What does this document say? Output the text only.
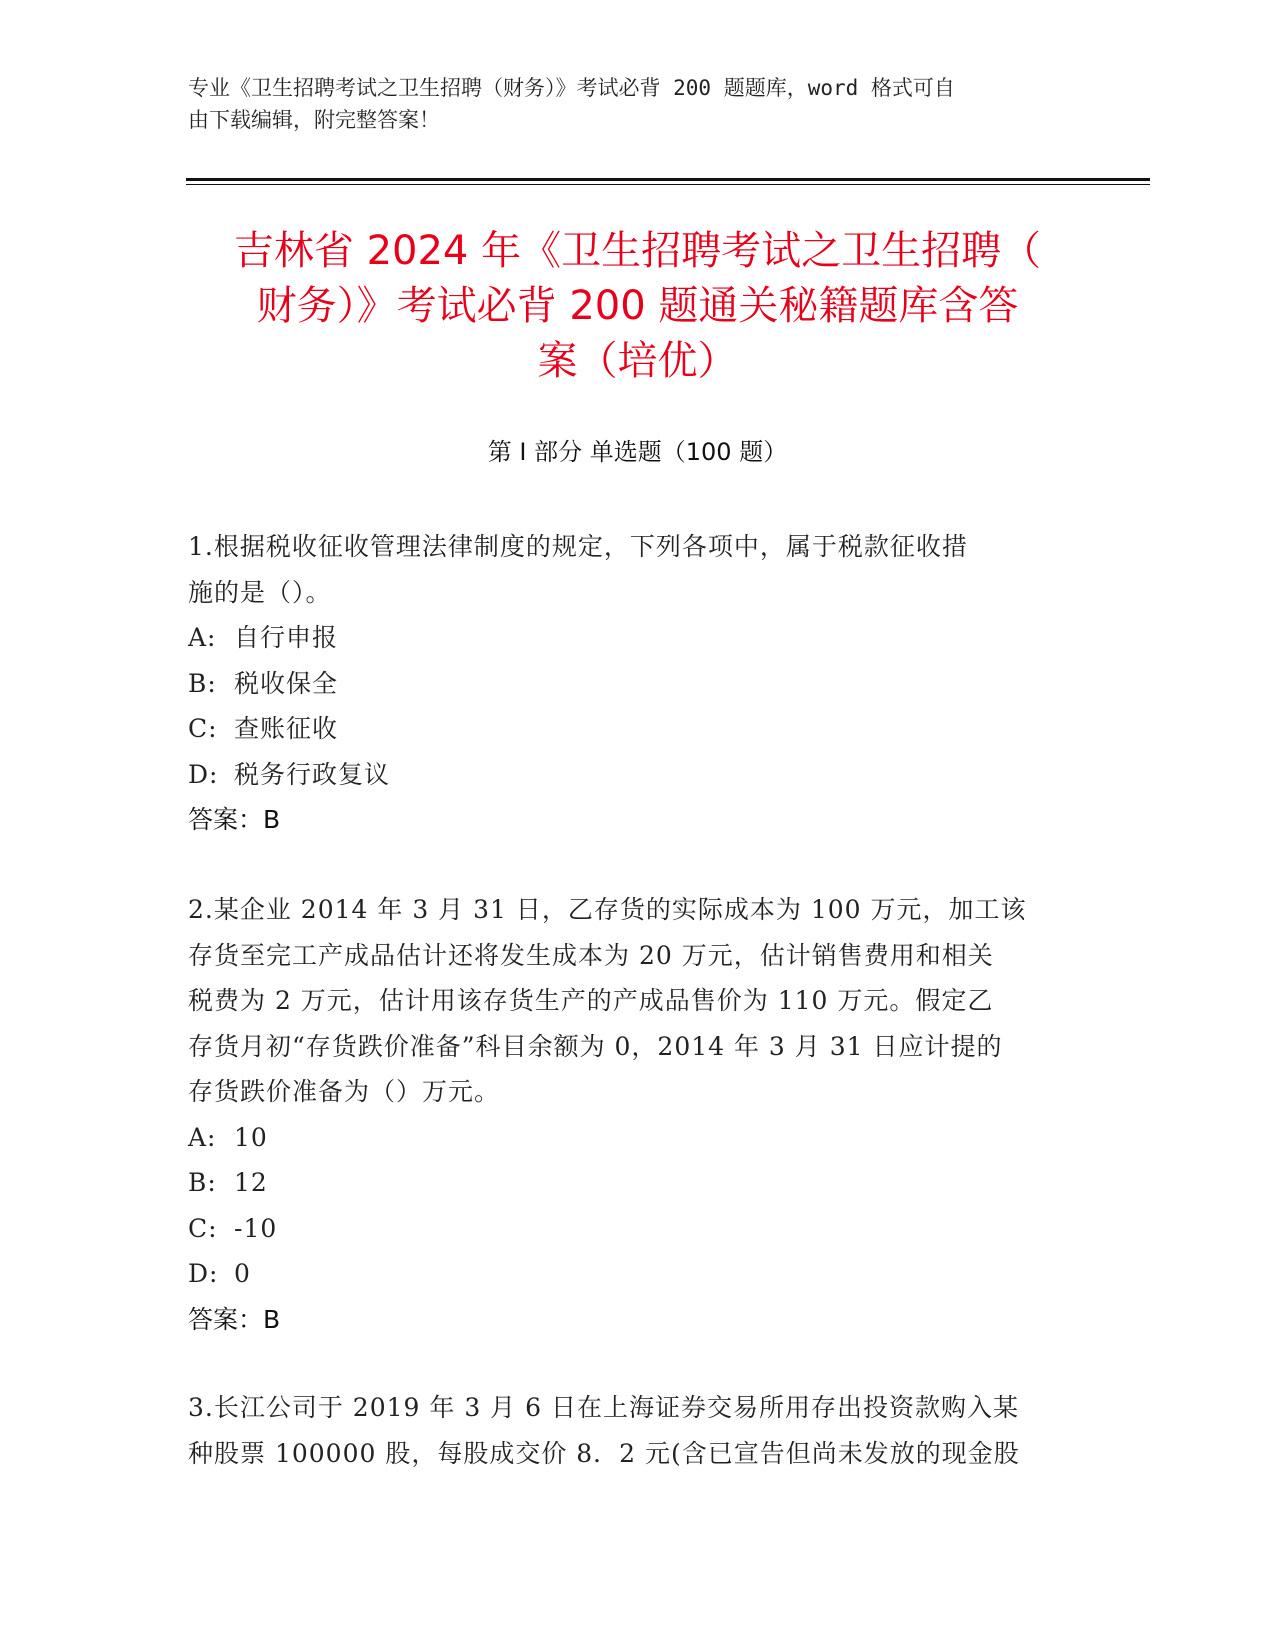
专业《卫生招聘考试之卫生招聘（财务）》考试必背 200 题题库，word 格式可自
由下载编辑，附完整答案！
吉林省 2024 年《卫生招聘考试之卫生招聘（
财务）》考试必背 200 题通关秘籍题库含答
案（培优）
第 I 部分 单选题（100 题）
1.根据税收征收管理法律制度的规定，下列各项中，属于税款征收措
施的是（）。
A: 自行申报
B: 税收保全
C: 查账征收
D: 税务行政复议
答案：B
2.某企业 2014 年 3 月 31 日，乙存货的实际成本为 100 万元，加工该
存货至完工产成品估计还将发生成本为 20 万元，估计销售费用和相关
税费为 2 万元，估计用该存货生产的产成品售价为 110 万元。假定乙
存货月初“存货跌价准备”科目余额为 0，2014 年 3 月 31 日应计提的
存货跌价准备为（）万元。
A: 10
B: 12
C: -10
D: 0
答案：B
3.长江公司于 2019 年 3 月 6 日在上海证券交易所用存出投资款购入某
种股票 100000 股，每股成交价 8．2 元(含已宣告但尚未发放的现金股
